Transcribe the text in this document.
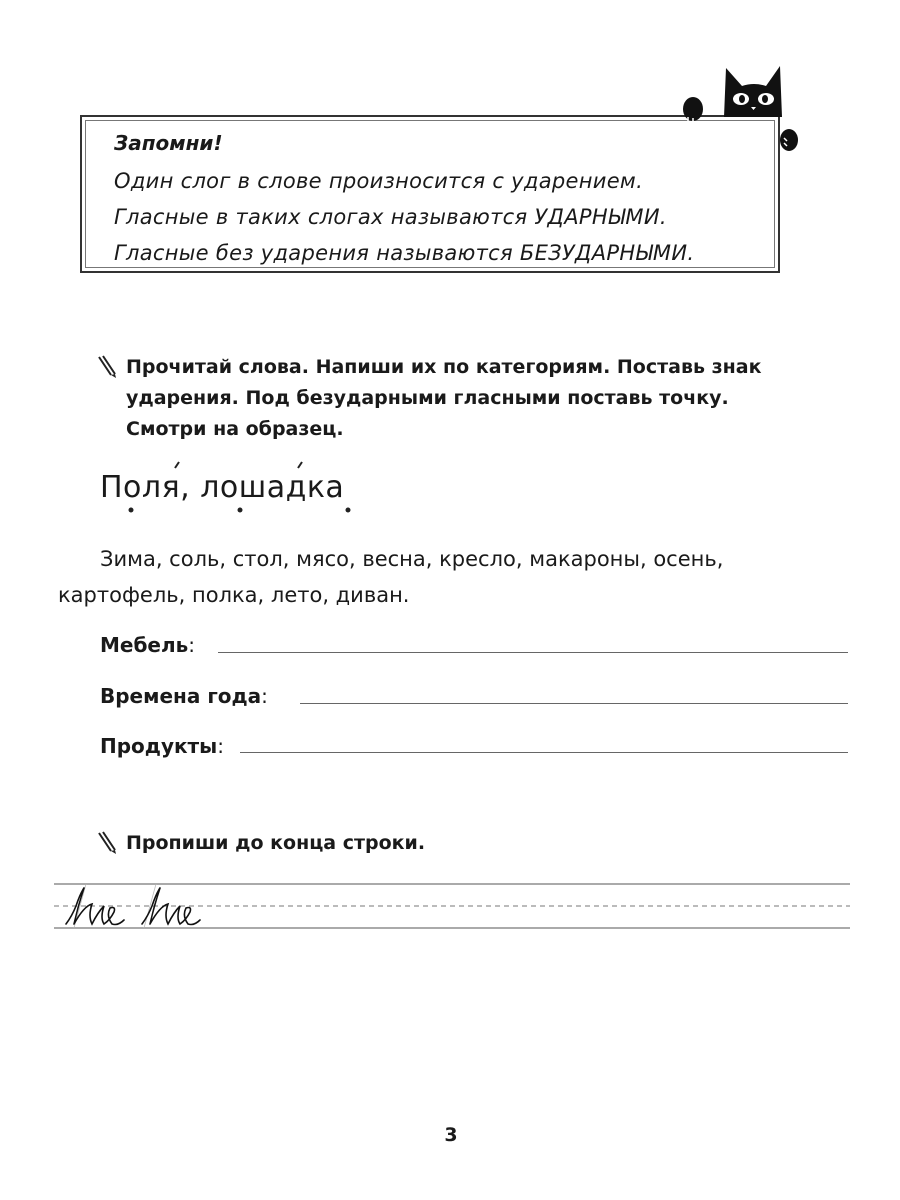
Запомни!
Один слог в слове произносится с ударением.
Гласные в таких слогах называются УДАРНЫМИ.
Гласные без ударения называются БЕЗУДАРНЫМИ.
Прочитай слова. Напиши их по категориям. Поставь знак
ударения. Под безударными гласными поставь точку.
Смотри на образец.
Поля, лошадка
Зима, соль, стол, мясо, весна, кресло, макароны, осень,
картофель, полка, лето, диван.
Мебель:
Времена года:
Продукты:
Пропиши до конца строки.
Ие Ие
3
